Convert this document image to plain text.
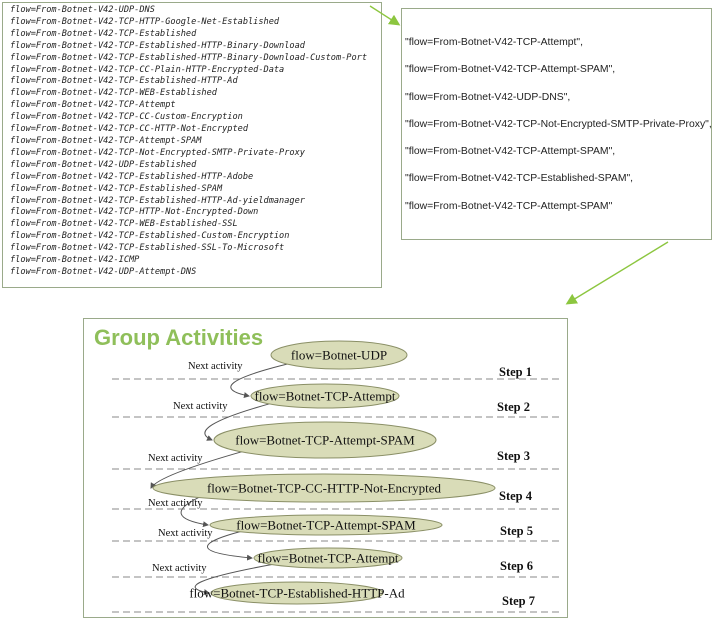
flow=From-Botnet-V42-UDP-DNS
flow=From-Botnet-V42-TCP-HTTP-Google-Net-Established
flow=From-Botnet-V42-TCP-Established
flow=From-Botnet-V42-TCP-Established-HTTP-Binary-Download
flow=From-Botnet-V42-TCP-Established-HTTP-Binary-Download-Custom-Port
flow=From-Botnet-V42-TCP-CC-Plain-HTTP-Encrypted-Data
flow=From-Botnet-V42-TCP-Established-HTTP-Ad
flow=From-Botnet-V42-TCP-WEB-Established
flow=From-Botnet-V42-TCP-Attempt
flow=From-Botnet-V42-TCP-CC-Custom-Encryption
flow=From-Botnet-V42-TCP-CC-HTTP-Not-Encrypted
flow=From-Botnet-V42-TCP-Attempt-SPAM
flow=From-Botnet-V42-TCP-Not-Encrypted-SMTP-Private-Proxy
flow=From-Botnet-V42-UDP-Established
flow=From-Botnet-V42-TCP-Established-HTTP-Adobe
flow=From-Botnet-V42-TCP-Established-SPAM
flow=From-Botnet-V42-TCP-Established-HTTP-Ad-yieldmanager
flow=From-Botnet-V42-TCP-HTTP-Not-Encrypted-Down
flow=From-Botnet-V42-TCP-WEB-Established-SSL
flow=From-Botnet-V42-TCP-Established-Custom-Encryption
flow=From-Botnet-V42-TCP-Established-SSL-To-Microsoft
flow=From-Botnet-V42-ICMP
flow=From-Botnet-V42-UDP-Attempt-DNS
"flow=From-Botnet-V42-TCP-Attempt",
"flow=From-Botnet-V42-TCP-Attempt-SPAM",
"flow=From-Botnet-V42-UDP-DNS",
"flow=From-Botnet-V42-TCP-Not-Encrypted-SMTP-Private-Proxy",
"flow=From-Botnet-V42-TCP-Attempt-SPAM",
"flow=From-Botnet-V42-TCP-Established-SPAM",
"flow=From-Botnet-V42-TCP-Attempt-SPAM"
Group Activities
flow=Botnet-UDP
flow=Botnet-TCP-Attempt
flow=Botnet-TCP-Attempt-SPAM
flow=Botnet-TCP-CC-HTTP-Not-Encrypted
flow=Botnet-TCP-Attempt-SPAM
flow=Botnet-TCP-Attempt
flow=Botnet-TCP-Established-HTTP-Ad
Step 1
Step 2
Step 3
Step 4
Step 5
Step 6
Step 7
Next activity
Next activity
Next activity
Next activity
Next activity
Next activity
